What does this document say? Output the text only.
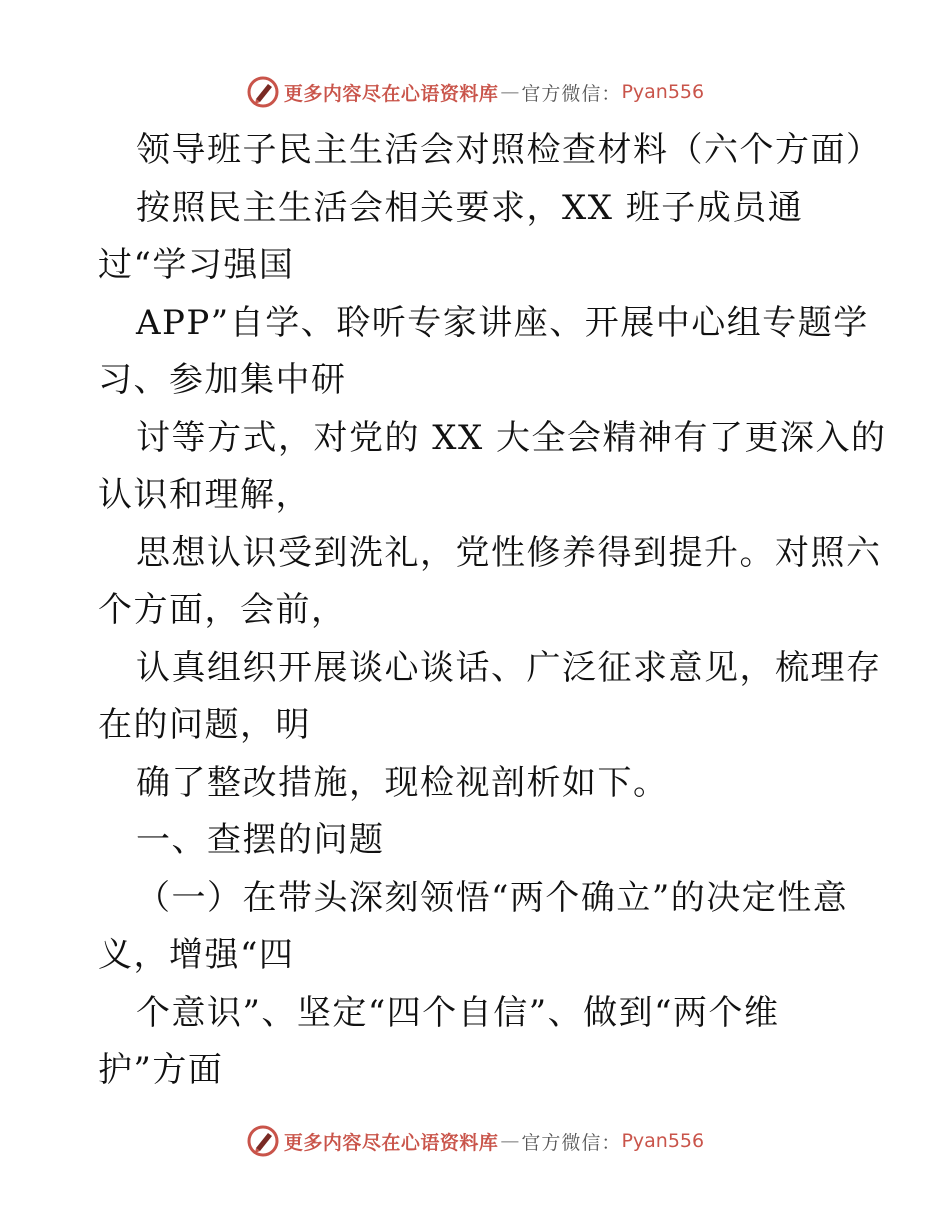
更多内容尽在心语资料库 — 官方微信： Pyan556
领导班子民主生活会对照检查材料（六个方面）
按照民主生活会相关要求，XX 班子成员通
过“学习强国
APP”自学、聆听专家讲座、开展中心组专题学
习、参加集中研
讨等方式，对党的 XX 大全会精神有了更深入的
认识和理解，
思想认识受到洗礼，党性修养得到提升。对照六
个方面，会前，
认真组织开展谈心谈话、广泛征求意见，梳理存
在的问题，明
确了整改措施，现检视剖析如下。
一、查摆的问题
（一）在带头深刻领悟“两个确立”的决定性意
义，增强“四
个意识”、坚定“四个自信”、做到“两个维
护”方面
更多内容尽在心语资料库 — 官方微信： Pyan556
